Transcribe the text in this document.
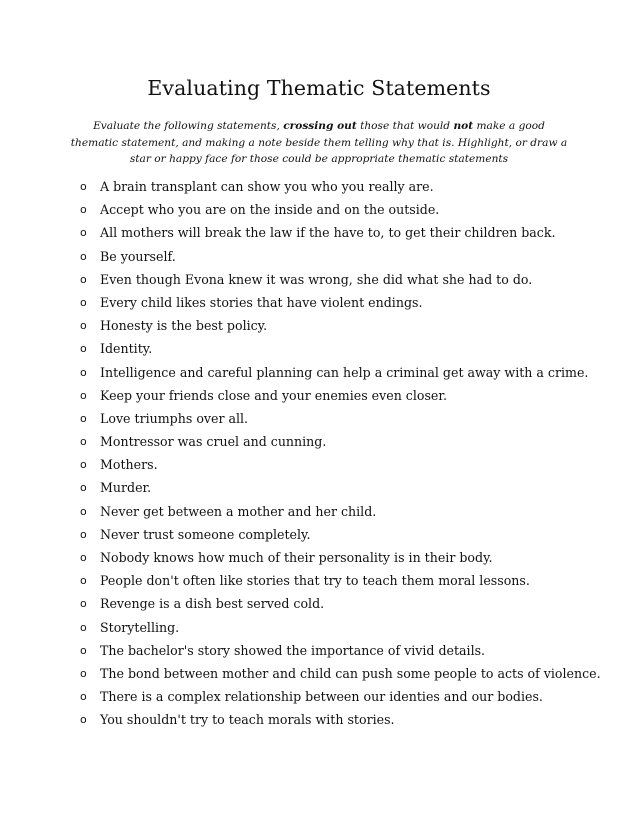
Evaluating Thematic Statements
Evaluate the following statements, crossing out those that would not make a good thematic statement, and making a note beside them telling why that is. Highlight, or draw a star or happy face for those could be appropriate thematic statements
o	A brain transplant can show you who you really are.
o	Accept who you are on the inside and on the outside.
o	All mothers will break the law if the have to, to get their children back.
o	Be yourself.
o	Even though Evona knew it was wrong, she did what she had to do.
o	Every child likes stories that have violent endings.
o	Honesty is the best policy.
o	Identity.
o	Intelligence and careful planning can help a criminal get away with a crime.
o	Keep your friends close and your enemies even closer.
o	Love triumphs over all.
o	Montressor was cruel and cunning.
o	Mothers.
o	Murder.
o	Never get between a mother and her child.
o	Never trust someone completely.
o	Nobody knows how much of their personality is in their body.
o	People don't often like stories that try to teach them moral lessons.
o	Revenge is a dish best served cold.
o	Storytelling.
o	The bachelor's story showed the importance of vivid details.
o	The bond between mother and child can push some people to acts of violence.
o	There is a complex relationship between our identies and our bodies.
o	You shouldn't try to teach morals with stories.
